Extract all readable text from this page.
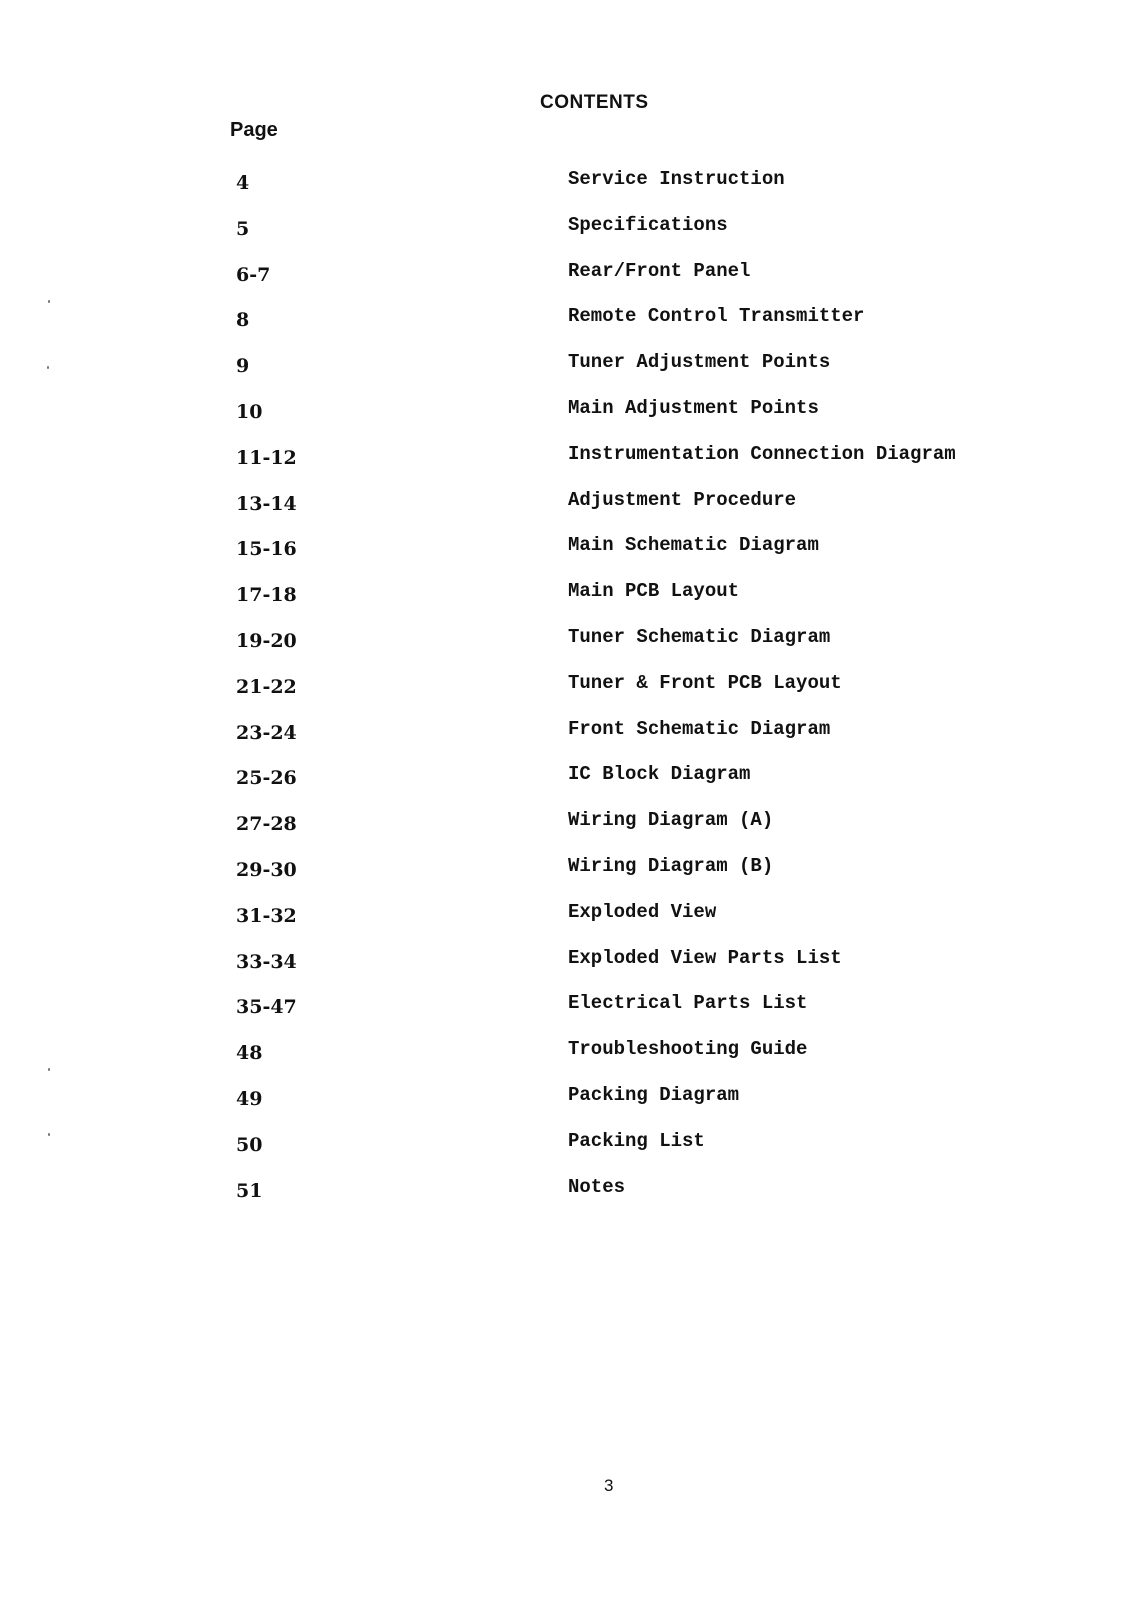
CONTENTS
Page
4	Service Instruction
5	Specifications
6-7	Rear/Front Panel
8	Remote Control Transmitter
9	Tuner Adjustment Points
10	Main Adjustment Points
11-12	Instrumentation Connection Diagram
13-14	Adjustment Procedure
15-16	Main Schematic Diagram
17-18	Main PCB Layout
19-20	Tuner Schematic Diagram
21-22	Tuner & Front PCB Layout
23-24	Front Schematic Diagram
25-26	IC Block Diagram
27-28	Wiring Diagram (A)
29-30	Wiring Diagram (B)
31-32	Exploded View
33-34	Exploded View Parts List
35-47	Electrical Parts List
48	Troubleshooting Guide
49	Packing Diagram
50	Packing List
51	Notes
3
